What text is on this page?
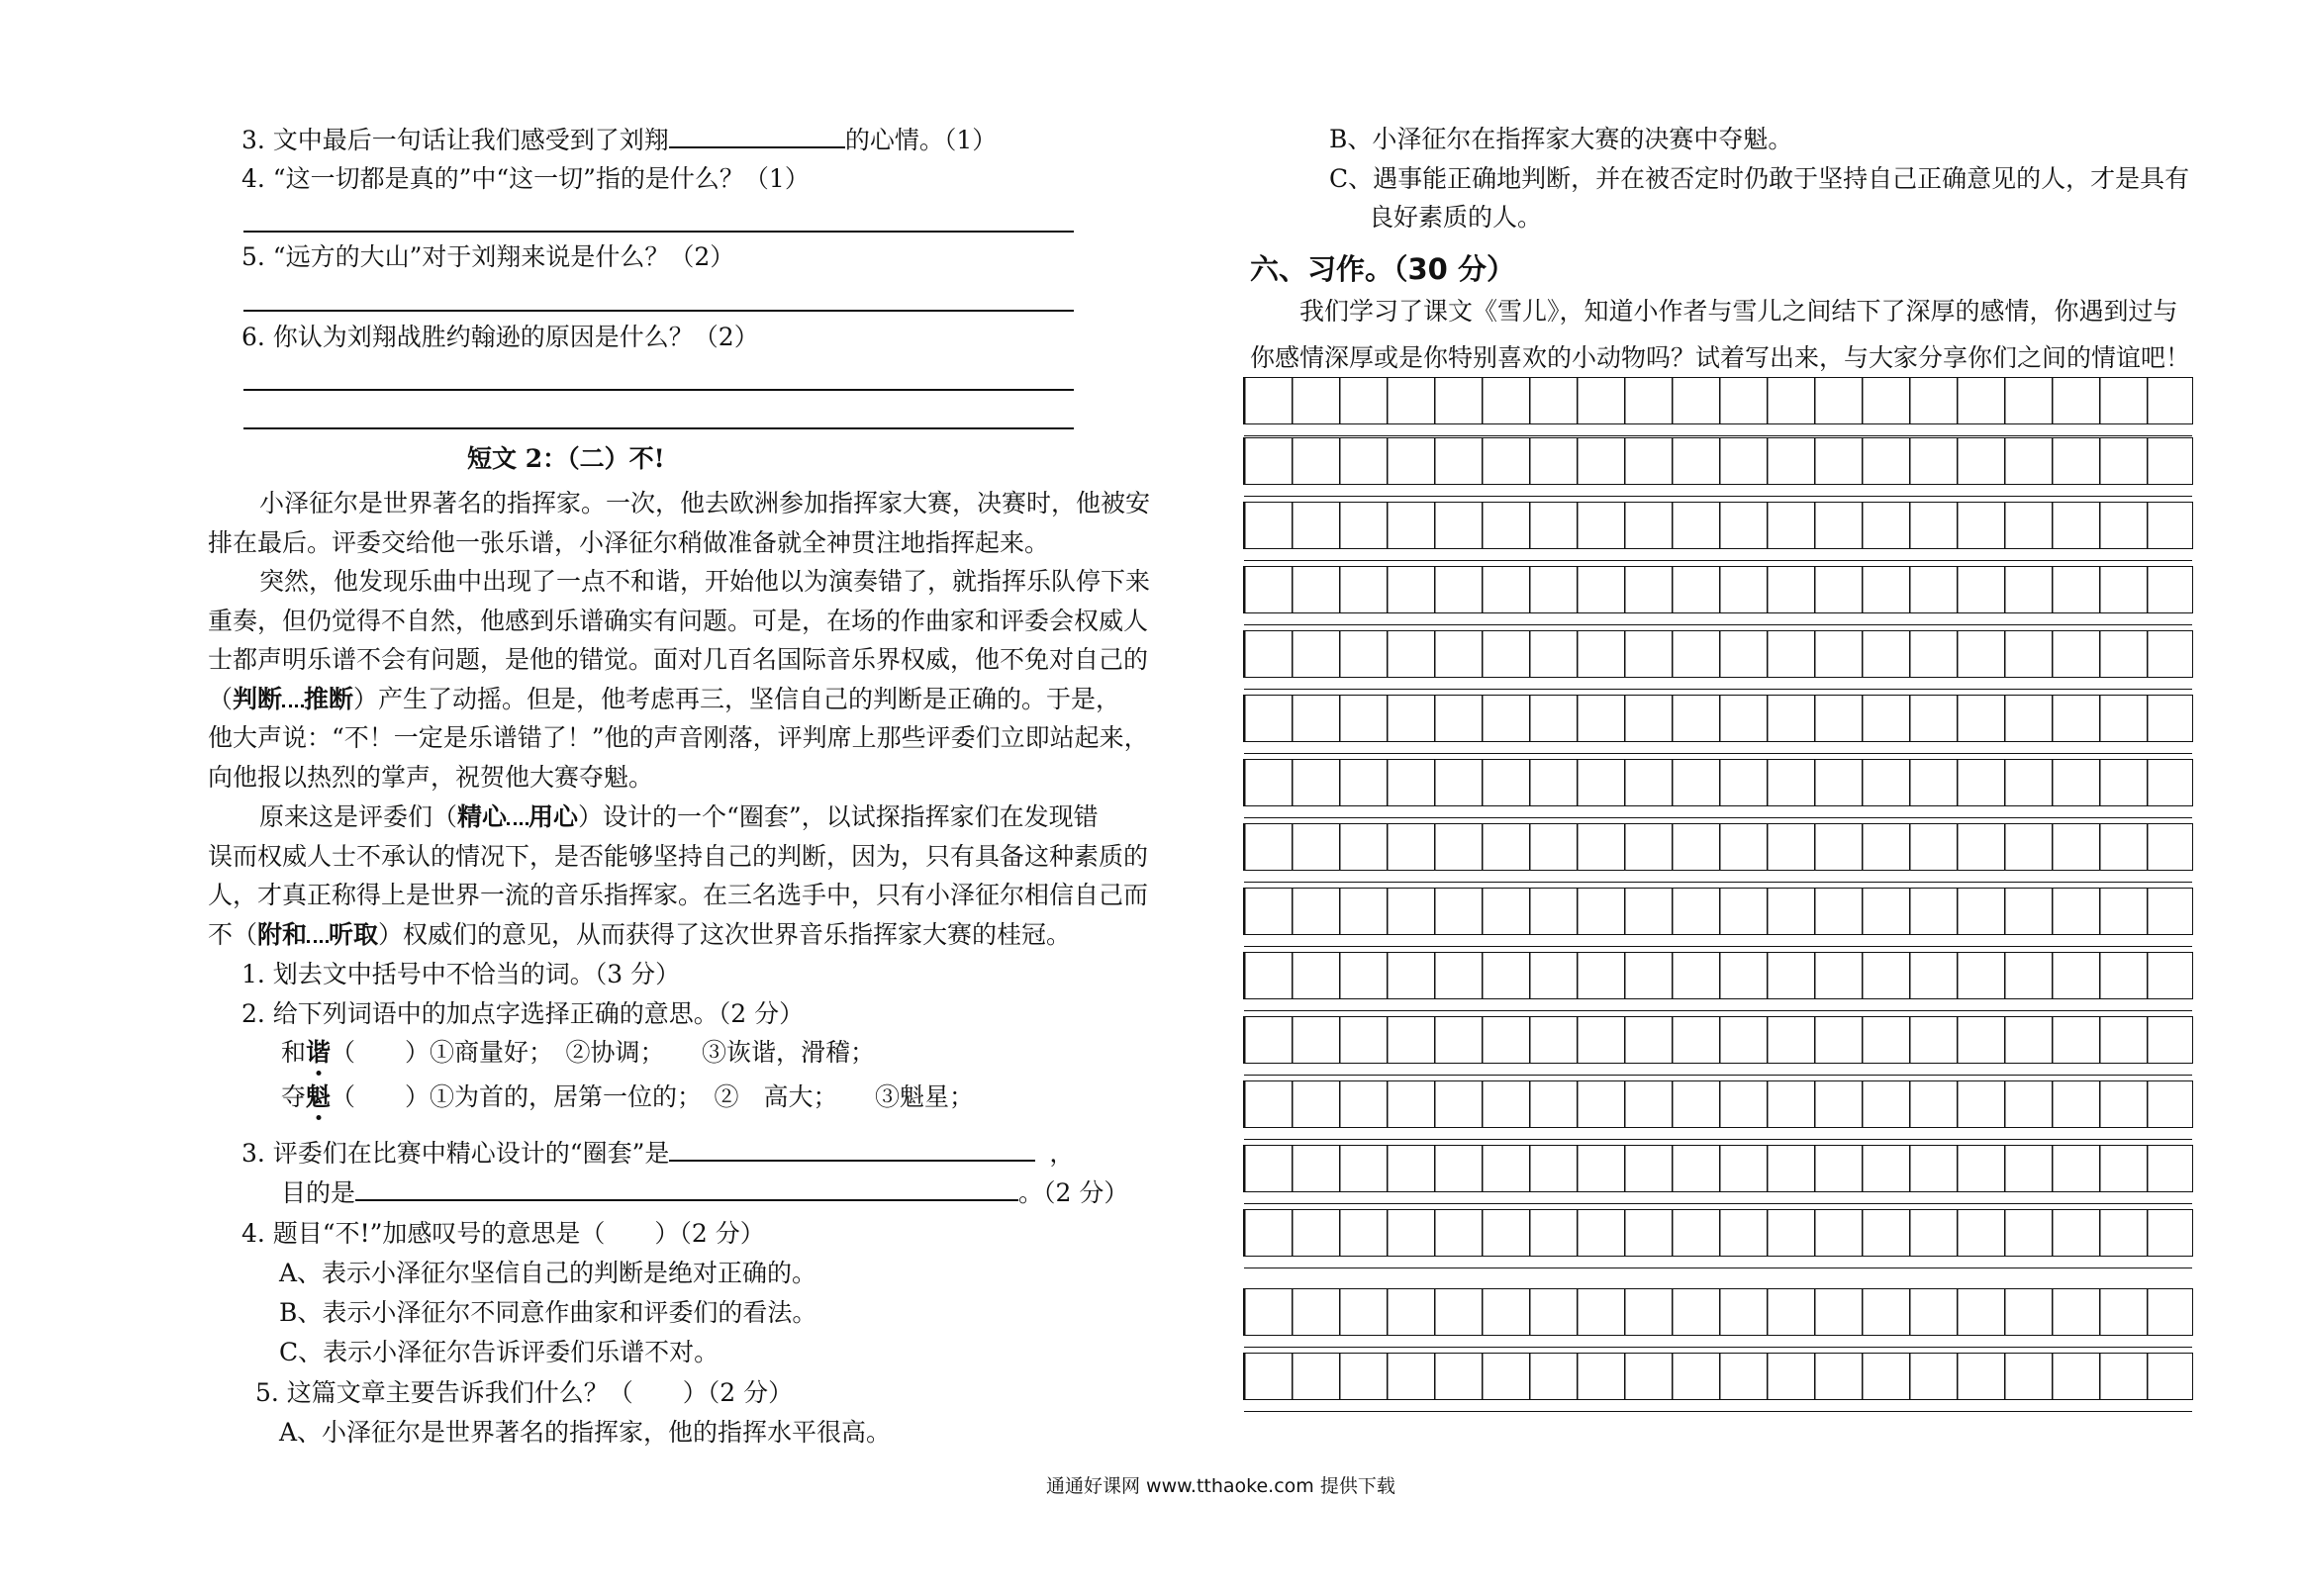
3. 文中最后一句话让我们感受到了刘翔	的心情。（1）
4. “这一切都是真的”中“这一切”指的是什么？（1）
5. “远方的大山”对于刘翔来说是什么？（2）
6. 你认为刘翔战胜约翰逊的原因是什么？（2）
短文 2：（二）不!
小泽征尔是世界著名的指挥家。一次，他去欧洲参加指挥家大赛，决赛时，他被安
排在最后。评委交给他一张乐谱，小泽征尔稍做准备就全神贯注地指挥起来。
突然，他发现乐曲中出现了一点不和谐，开始他以为演奏错了，就指挥乐队停下来
重奏，但仍觉得不自然，他感到乐谱确实有问题。可是，在场的作曲家和评委会权威人
士都声明乐谱不会有问题，是他的错觉。面对几百名国际音乐界权威，他不免对自己的
（判断 推断）产生了动摇。但是，他考虑再三，坚信自己的判断是正确的。于是，
他大声说：“不！一定是乐谱错了！”他的声音刚落，评判席上那些评委们立即站起来，
向他报以热烈的掌声，祝贺他大赛夺魁。
原来这是评委们（精心 用心）设计的一个“圈套”，以试探指挥家们在发现错
误而权威人士不承认的情况下，是否能够坚持自己的判断，因为，只有具备这种素质的
人，才真正称得上是世界一流的音乐指挥家。在三名选手中，只有小泽征尔相信自己而
不（附和 听取）权威们的意见，从而获得了这次世界音乐指挥家大赛的桂冠。
1. 划去文中括号中不恰当的词。（3 分）
2. 给下列词语中的加点字选择正确的意思。（2 分）
和谐（　　）①商量好；　②协调；　　③诙谐，滑稽；
夺魁（　　）①为首的，居第一位的；　②　高大；　　③魁星；
3. 评委们在比赛中精心设计的“圈套”是	，
目的是	。（2 分）
4. 题目“不!”加感叹号的意思是（　　）（2 分）
A、表示小泽征尔坚信自己的判断是绝对正确的。
B、表示小泽征尔不同意作曲家和评委们的看法。
C、表示小泽征尔告诉评委们乐谱不对。
5. 这篇文章主要告诉我们什么？（　　）（2 分）
A、小泽征尔是世界著名的指挥家，他的指挥水平很高。
B、小泽征尔在指挥家大赛的决赛中夺魁。
C、遇事能正确地判断，并在被否定时仍敢于坚持自己正确意见的人，才是具有
良好素质的人。
六、习作。（30 分）
我们学习了课文《雪儿》，知道小作者与雪儿之间结下了深厚的感情，你遇到过与
你感情深厚或是你特别喜欢的小动物吗？试着写出来，与大家分享你们之间的情谊吧！
通通好课网 www.tthaoke.com 提供下载
